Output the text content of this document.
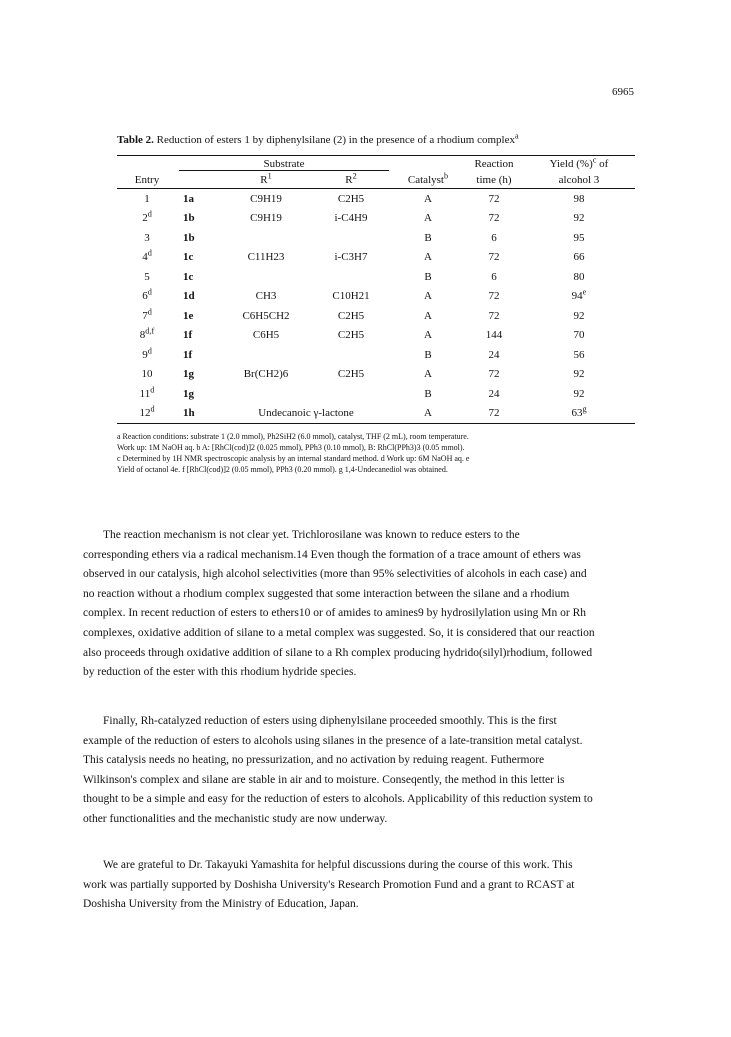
6965
Table 2. Reduction of esters 1 by diphenylsilane (2) in the presence of a rhodium complex$^a$
	Substrate				Reaction	Yield (%)$^c$ of
Entry		$R^1$	$R^2$	Catalyst$^b$	time (h)	alcohol 3
1	1a	C9H19	C2H5	A	72	98
2$^d$	1b	C9H19	i-C4H9	A	72	92
3	1b			B	6	95
4$^d$	1c	C11H23	i-C3H7	A	72	66
5	1c			B	6	80
6$^d$	1d	CH3	C10H21	A	72	94e
7$^d$	1e	C6H5CH2	C2H5	A	72	92
8$^{d,f}$	1f	C6H5	C2H5	A	144	70
9$^d$	1f			B	24	56
10	1g	Br(CH2)6	C2H5	A	72	92
11$^d$	1g			B	24	92
12$^d$	1h	Undecanoic γ-lactone		A	72	63$^g$
a Reaction conditions: substrate 1 (2.0 mmol), Ph2SiH2 (6.0 mmol), catalyst, THF (2 mL), room temperature.
Work up: 1M NaOH aq. b A: [RhCl(cod)]2 (0.025 mmol), PPh3 (0.10 mmol), B: RhCl(PPh3)3 (0.05 mmol).
c Determined by 1H NMR spectroscopic analysis by an internal standard method. d Work up: 6M NaOH aq. e
Yield of octanol 4e. f [RhCl(cod)]2 (0.05 mmol), PPh3 (0.20 mmol). g 1,4-Undecanediol was obtained.
The reaction mechanism is not clear yet. Trichlorosilane was known to reduce esters to the
corresponding ethers via a radical mechanism.14 Even though the formation of a trace amount of ethers was
observed in our catalysis, high alcohol selectivities (more than 95% selectivities of alcohols in each case) and
no reaction without a rhodium complex suggested that some interaction between the silane and a rhodium
complex. In recent reduction of esters to ethers10 or of amides to amines9 by hydrosilylation using Mn or Rh
complexes, oxidative addition of silane to a metal complex was suggested. So, it is considered that our reaction
also proceeds through oxidative addition of silane to a Rh complex producing hydrido(silyl)rhodium, followed
by reduction of the ester with this rhodium hydride species.
Finally, Rh-catalyzed reduction of esters using diphenylsilane proceeded smoothly. This is the first
example of the reduction of esters to alcohols using silanes in the presence of a late-transition metal catalyst.
This catalysis needs no heating, no pressurization, and no activation by reduing reagent. Futhermore
Wilkinson's complex and silane are stable in air and to moisture. Conseqently, the method in this letter is
thought to be a simple and easy for the reduction of esters to alcohols. Applicability of this reduction system to
other functionalities and the mechanistic study are now underway.
We are grateful to Dr. Takayuki Yamashita for helpful discussions during the course of this work. This
work was partially supported by Doshisha University's Research Promotion Fund and a grant to RCAST at
Doshisha University from the Ministry of Education, Japan.
